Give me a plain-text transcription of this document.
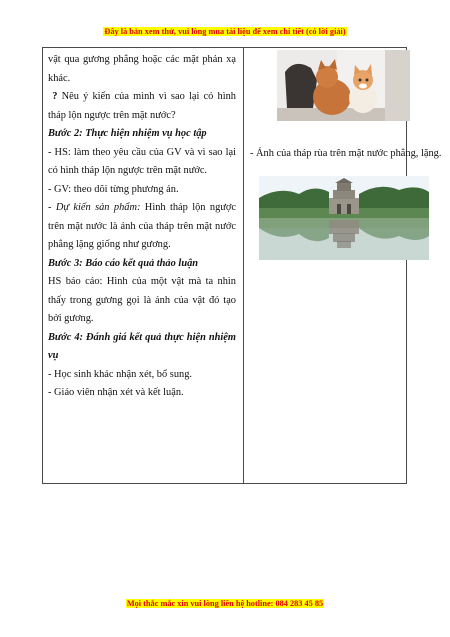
Đây là bản xem thử, vui lòng mua tài liệu để xem chi tiết (có lời giải)

vật qua gương phẳng hoặc các mặt phản xạ khác.

? Nêu ý kiến của mình vì sao lại có hình tháp lộn ngược trên mặt nước?

Bước 2: Thực hiện nhiệm vụ học tập

- HS: làm theo yêu cầu của GV và vì sao lại có hình tháp lộn ngược trên mặt nước.

- GV: theo dõi từng phương án.

- Dự kiến sản phẩm: Hình tháp lộn ngược trên mặt nước là ảnh của tháp trên mặt nước phẳng lặng giống như gương.

Bước 3: Báo cáo kết quả thảo luận

HS báo cáo: Hình của một vật mà ta nhìn thấy trong gương gọi là ảnh của vật đó tạo bởi gương.

Bước 4: Đánh giá kết quả thực hiện nhiệm vụ

- Học sinh khác nhận xét, bổ sung.

- Giáo viên nhận xét và kết luận.

- Ảnh của tháp rùa trên mặt nước phẳng, lặng.
Mọi thắc mắc xin vui lòng liên hệ hotline: 084 283 45 85
